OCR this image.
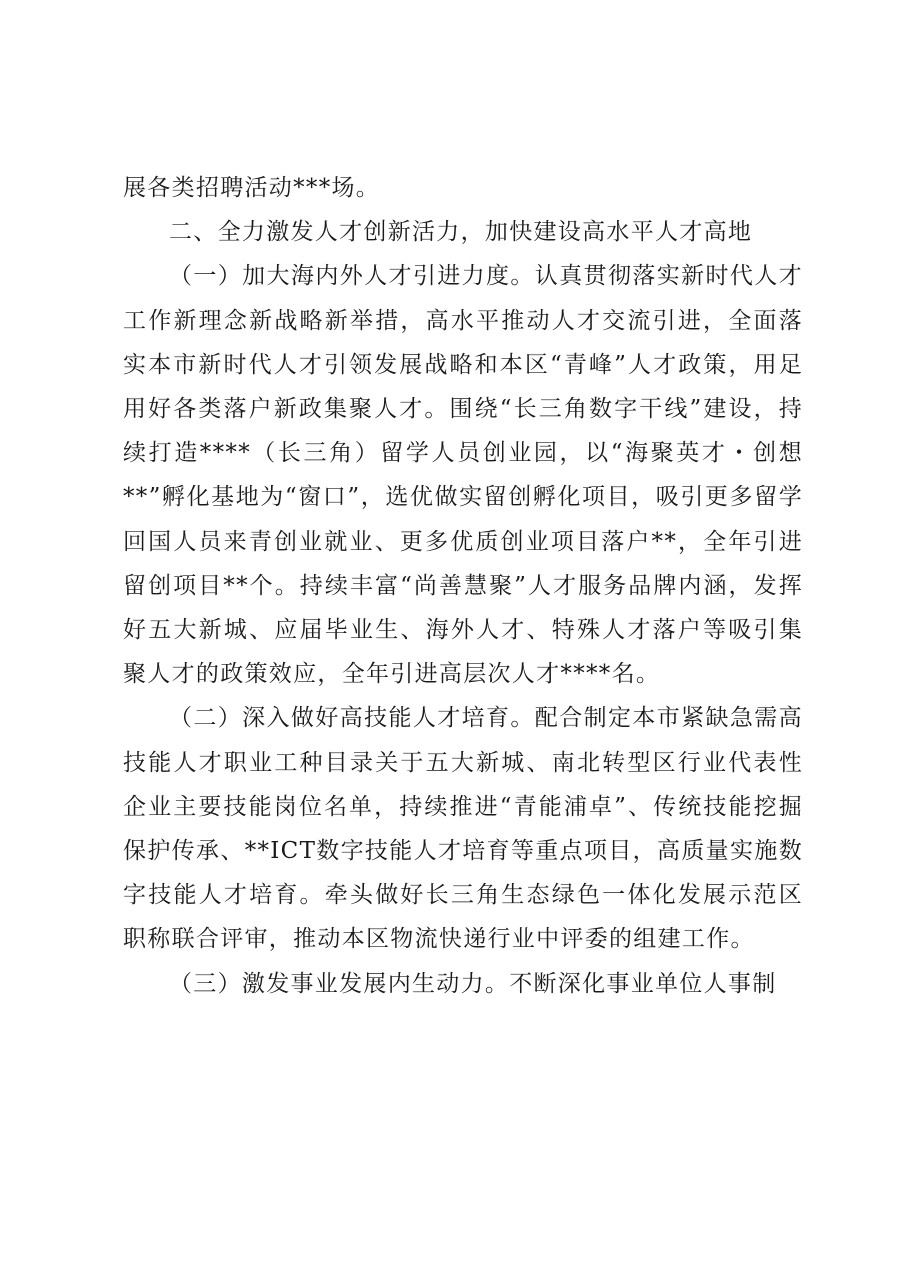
展各类招聘活动***场。

二、全力激发人才创新活力，加快建设高水平人才高地

（一）加大海内外人才引进力度。认真贯彻落实新时代人才工作新理念新战略新举措，高水平推动人才交流引进，全面落实本市新时代人才引领发展战略和本区“青峰”人才政策，用足用好各类落户新政集聚人才。围绕“长三角数字干线”建设，持续打造****（长三角）留学人员创业园，以“海聚英才・创想**”孵化基地为“窗口”，选优做实留创孵化项目，吸引更多留学回国人员来青创业就业、更多优质创业项目落户**，全年引进留创项目**个。持续丰富“尚善慧聚”人才服务品牌内涵，发挥好五大新城、应届毕业生、海外人才、特殊人才落户等吸引集聚人才的政策效应，全年引进高层次人才****名。

（二）深入做好高技能人才培育。配合制定本市紧缺急需高技能人才职业工种目录关于五大新城、南北转型区行业代表性企业主要技能岗位名单，持续推进“青能浦卓”、传统技能挖掘保护传承、**ICT数字技能人才培育等重点项目，高质量实施数字技能人才培育。牵头做好长三角生态绿色一体化发展示范区职称联合评审，推动本区物流快递行业中评委的组建工作。

（三）激发事业发展内生动力。不断深化事业单位人事制
